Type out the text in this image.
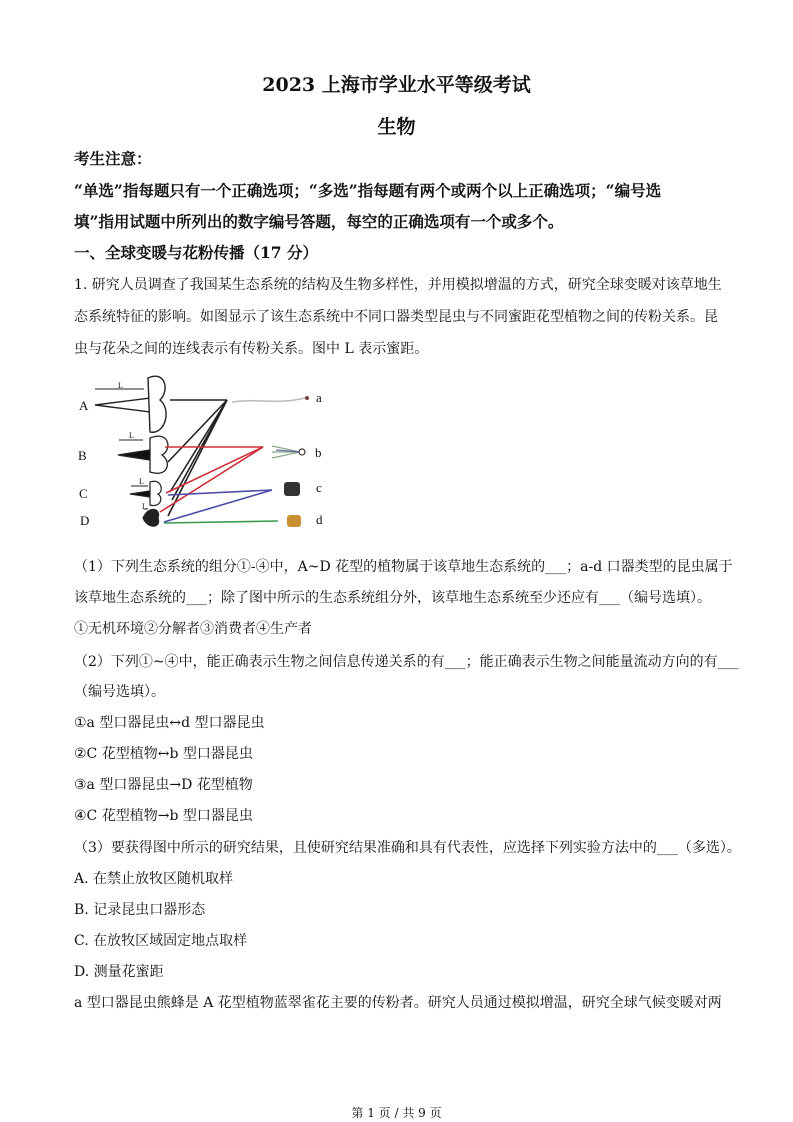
2023 上海市学业水平等级考试
生物
考生注意：
“单选”指每题只有一个正确选项；“多选”指每题有两个或两个以上正确选项；“编号选
填”指用试题中所列出的数字编号答题，每空的正确选项有一个或多个。
一、全球变暖与花粉传播（17 分）
1. 研究人员调查了我国某生态系统的结构及生物多样性，并用模拟增温的方式，研究全球变暖对该草地生
态系统特征的影响。如图显示了该生态系统中不同口器类型昆虫与不同蜜距花型植物之间的传粉关系。昆
虫与花朵之间的连线表示有传粉关系。图中 L 表示蜜距。
A
B
C
D
a
b
c
d
L
L
L
L
（1）下列生态系统的组分①-④中，A~D 花型的植物属于该草地生态系统的___；a-d 口器类型的昆虫属于
该草地生态系统的___；除了图中所示的生态系统组分外，该草地生态系统至少还应有___（编号选填）。
①无机环境②分解者③消费者④生产者
（2）下列①~④中，能正确表示生物之间信息传递关系的有___；能正确表示生物之间能量流动方向的有___
（编号选填）。
①a 型口器昆虫↔d 型口器昆虫
②C 花型植物↔b 型口器昆虫
③a 型口器昆虫→D 花型植物
④C 花型植物→b 型口器昆虫
（3）要获得图中所示的研究结果，且使研究结果准确和具有代表性，应选择下列实验方法中的___（多选）。
A. 在禁止放牧区随机取样
B. 记录昆虫口器形态
C. 在放牧区域固定地点取样
D. 测量花蜜距
a 型口器昆虫熊蜂是 A 花型植物蓝翠雀花主要的传粉者。研究人员通过模拟增温，研究全球气候变暖对两
第 1 页 / 共 9 页
